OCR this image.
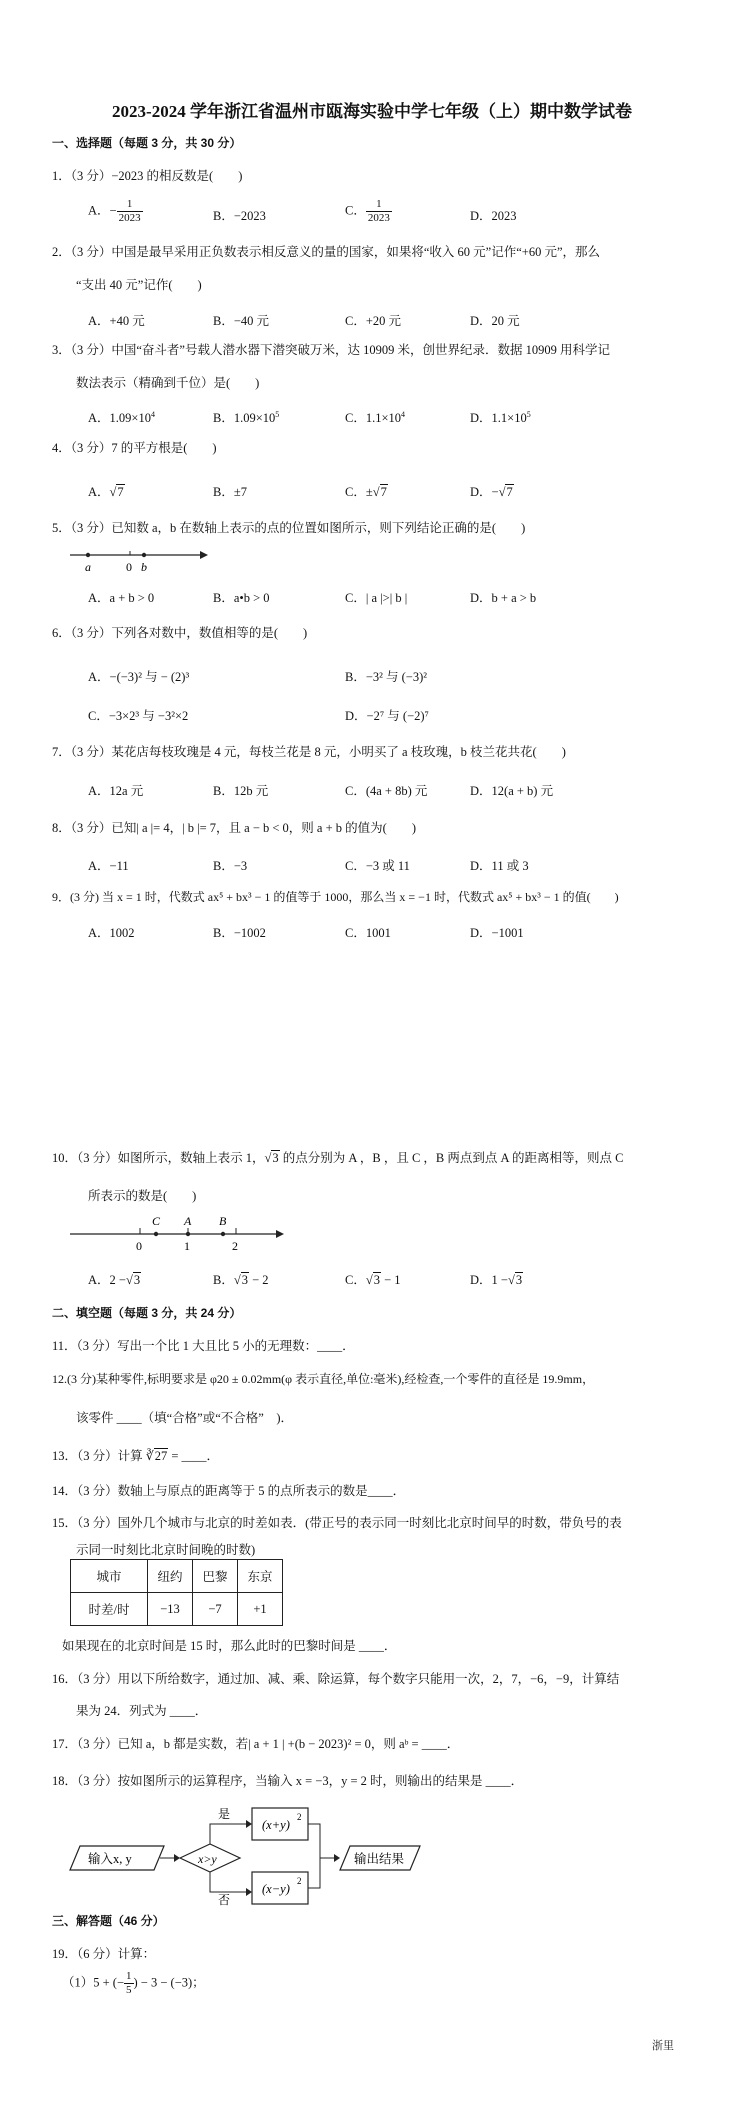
2023-2024 学年浙江省温州市瓯海实验中学七年级（上）期中数学试卷
一、选择题（每题 3 分，共 30 分）
1．（3 分）−2023 的相反数是(　　)
A．− $\frac{1}{2023}$	B．−2023	C． $\frac{1}{2023}$	D．2023
2．（3 分）中国是最早采用正负数表示相反意义的量的国家，如果将“收入 60 元”记作“+60 元”，那么
“支出 40 元”记作(　　)
A．+40 元	B．−40 元	C．+20 元	D．20 元
3．（3 分）中国“奋斗者”号载人潜水器下潜突破万米，达 10909 米，创世界纪录．数据 10909 用科学记
数法表示（精确到千位）是(　　)
A．$1.09\times 10^4$	B．$1.09\times 10^5$	C．$1.1\times 10^4$	D．$1.1\times 10^5$
4．（3 分）7 的平方根是(　　)
A．√7	B．±7	C．±√7	D．−√7
5．（3 分）已知数 a，b 在数轴上表示的点的位置如图所示，则下列结论正确的是(　　)
a	0 b
A．a + b > 0	B．a•b > 0	C．| a |>| b |	D．b + a > b
6．（3 分）下列各对数中，数值相等的是(　　)
A．−(−3)² 与 − (2)³	B．−3² 与 (−3)²
C．−3×2³ 与 −3²×2	D．−2⁷ 与 (−2)⁷
7．（3 分）某花店每枝玫瑰是 4 元，每枝兰花是 8 元，小明买了 a 枝玫瑰，b 枝兰花共花(　　)
A．12a 元	B．12b 元	C．(4a + 8b) 元	D．12(a + b) 元
8．（3 分）已知| a |= 4，| b |= 7，且 a − b < 0，则 a + b 的值为(　　)
A．−11	B．−3	C．−3 或 11	D．11 或 3
9．(3 分) 当 x = 1 时，代数式 ax⁵ + bx³ − 1 的值等于 1000，那么当 x = −1 时，代数式 ax⁵ + bx³ − 1 的值(　　)
A．1002	B．−1002	C．1001	D．−1001
10．（3 分）如图所示，数轴上表示 1，√3 的点分别为 A ，B ，且 C ，B 两点到点 A 的距离相等，则点 C
所表示的数是(　　)
C A B
0	1	2
A．2 −√3	B．√3 − 2	C．√3 − 1	D．1 −√3
二、填空题（每题 3 分，共 24 分）
11．（3 分）写出一个比 1 大且比 5 小的无理数：____．
12.(3 分)某种零件,标明要求是 φ20 ± 0.02mm(φ 表示直径,单位:毫米),经检查,一个零件的直径是 19.9mm，
该零件 ____（填“合格”或“不合格”　)．
13．（3 分）计算 ∛27 = ____．
14．（3 分）数轴上与原点的距离等于 5 的点所表示的数是____．
15．（3 分）国外几个城市与北京的时差如表．(带正号的表示同一时刻比北京时间早的时数，带负号的表
示同一时刻比北京时间晚的时数)
城市	纽约	巴黎	东京
时差/时	−13	−7	+1
如果现在的北京时间是 15 时，那么此时的巴黎时间是 ____．
16．（3 分）用以下所给数字，通过加、减、乘、除运算，每个数字只能用一次，2，7，−6，−9，计算结
果为 24．列式为 ____．
17．（3 分）已知 a，b 都是实数，若| a + 1 | +(b − 2023)² = 0，则 aᵇ = ____．
18．（3 分）按如图所示的运算程序，当输入 x = −3，y = 2 时，则输出的结果是 ____．
输入x, y	x>y
是
否
(x+y)
2
(x−y)
2
输出结果
三、解答题（46 分）
19．（6 分）计算：
（1）5 + (− $\frac{1}{5}$ ) − 3 − (−3)；
浙里
